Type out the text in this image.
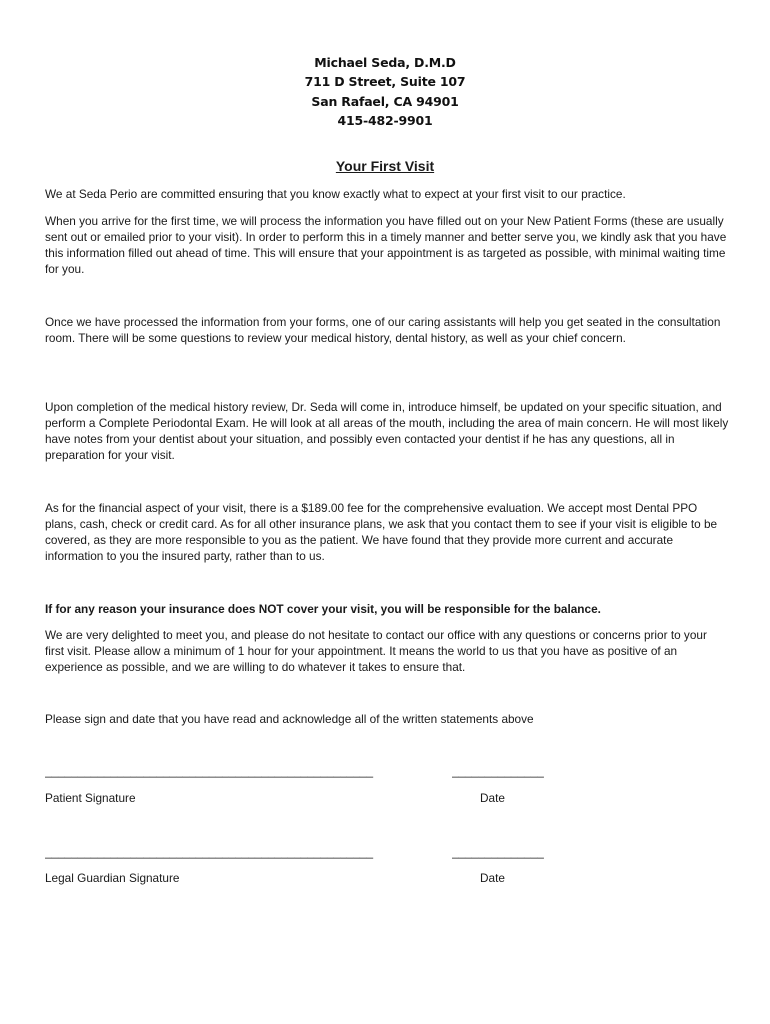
Michael Seda, D.M.D
711 D Street, Suite 107
San Rafael, CA 94901
415-482-9901
Your First Visit

We at Seda Perio are committed ensuring that you know exactly what to expect at your first visit to our practice.

When you arrive for the first time, we will process the information you have filled out on your New Patient Forms (these are usually sent out or emailed prior to your visit). In order to perform this in a timely manner and better serve you, we kindly ask that you have this information filled out ahead of time. This will ensure that your appointment is as targeted as possible, with minimal waiting time for you.

Once we have processed the information from your forms, one of our caring assistants will help you get seated in the consultation room. There will be some questions to review your medical history, dental history, as well as your chief concern.

Upon completion of the medical history review, Dr. Seda will come in, introduce himself, be updated on your specific situation, and perform a Complete Periodontal Exam. He will look at all areas of the mouth, including the area of main concern. He will most likely have notes from your dentist about your situation, and possibly even contacted your dentist if he has any questions, all in preparation for your visit.

As for the financial aspect of your visit, there is a $189.00 fee for the comprehensive evaluation. We accept most Dental PPO plans, cash, check or credit card. As for all other insurance plans, we ask that you contact them to see if your visit is eligible to be covered, as they are more responsible to you as the patient. We have found that they provide more current and accurate information to you the insured party, rather than to us.

If for any reason your insurance does NOT cover your visit, you will be responsible for the balance.

We are very delighted to meet you, and please do not hesitate to contact our office with any questions or concerns prior to your first visit. Please allow a minimum of 1 hour for your appointment. It means the world to us that you have as positive of an experience as possible, and we are willing to do whatever it takes to ensure that.

Please sign and date that you have read and acknowledge all of the written statements above

__________________________________________________	______________
Patient Signature	Date
__________________________________________________	______________
Legal Guardian Signature	Date
